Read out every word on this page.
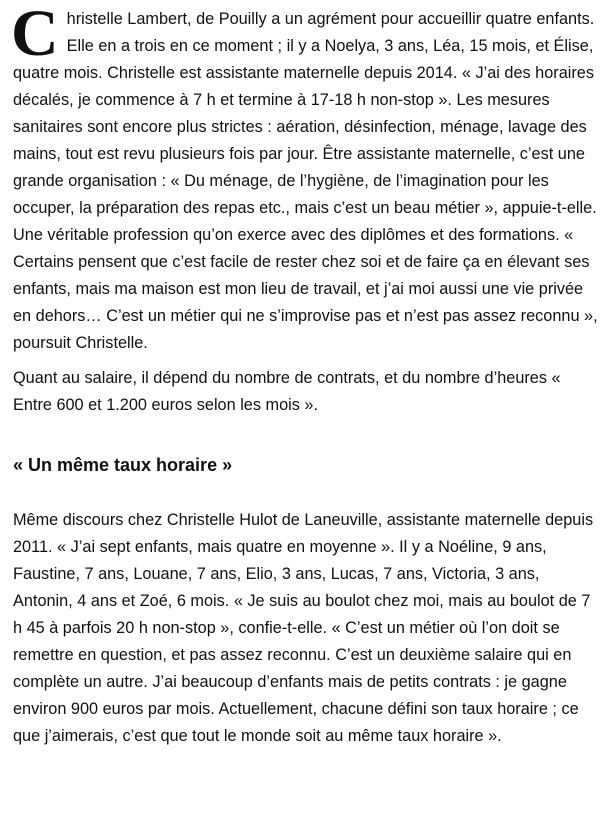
Christelle Lambert, de Pouilly a un agrément pour accueillir quatre enfants. Elle en a trois en ce moment ; il y a Noelya, 3 ans, Léa, 15 mois, et Élise, quatre mois. Christelle est assistante maternelle depuis 2014. « J’ai des horaires décalés, je commence à 7 h et termine à 17-18 h non-stop ». Les mesures sanitaires sont encore plus strictes : aération, désinfection, ménage, lavage des mains, tout est revu plusieurs fois par jour. Être assistante maternelle, c’est une grande organisation : « Du ménage, de l’hygiène, de l’imagination pour les occuper, la préparation des repas etc., mais c’est un beau métier », appuie-t-elle. Une véritable profession qu’on exerce avec des diplômes et des formations. « Certains pensent que c’est facile de rester chez soi et de faire ça en élevant ses enfants, mais ma maison est mon lieu de travail, et j’ai moi aussi une vie privée en dehors… C’est un métier qui ne s’improvise pas et n’est pas assez reconnu », poursuit Christelle.

Quant au salaire, il dépend du nombre de contrats, et du nombre d’heures « Entre 600 et 1.200 euros selon les mois ».

« Un même taux horaire »

Même discours chez Christelle Hulot de Laneuville, assistante maternelle depuis 2011. « J’ai sept enfants, mais quatre en moyenne ». Il y a Noéline, 9 ans, Faustine, 7 ans, Louane, 7 ans, Elio, 3 ans, Lucas, 7 ans, Victoria, 3 ans, Antonin, 4 ans et Zoé, 6 mois. « Je suis au boulot chez moi, mais au boulot de 7 h 45 à parfois 20 h non-stop », confie-t-elle. « C’est un métier où l’on doit se remettre en question, et pas assez reconnu. C’est un deuxième salaire qui en complète un autre. J’ai beaucoup d’enfants mais de petits contrats : je gagne environ 900 euros par mois. Actuellement, chacune défini son taux horaire ; ce que j’aimerais, c’est que tout le monde soit au même taux horaire ».
